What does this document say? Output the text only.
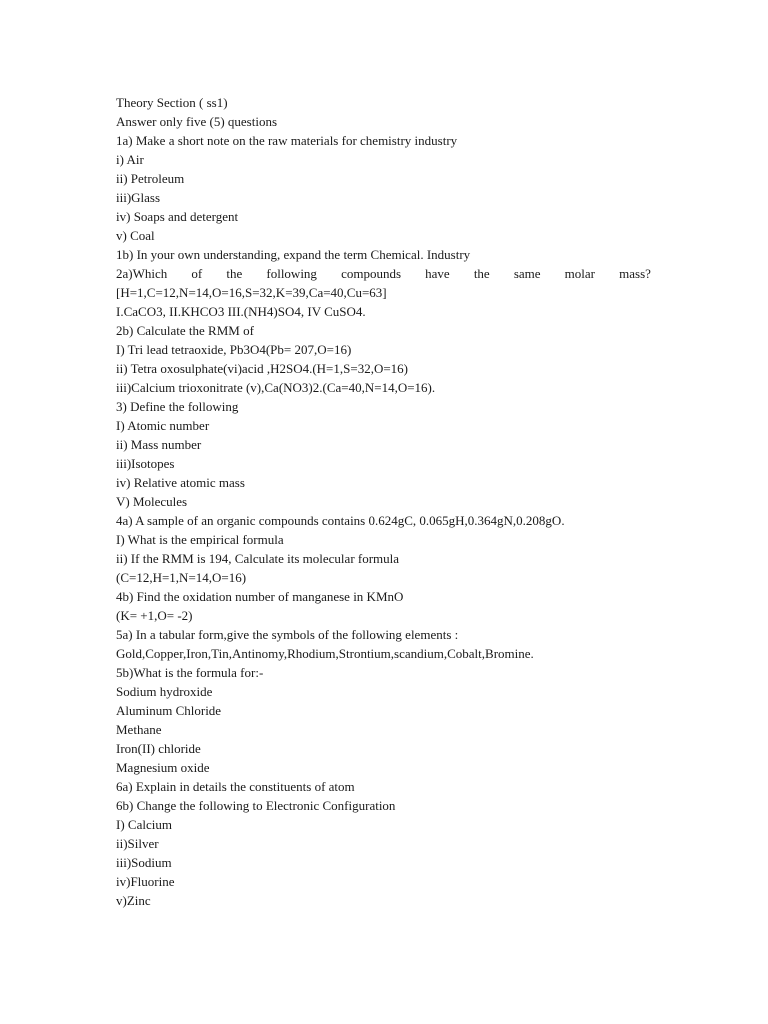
Theory Section ( ss1)
Answer only five (5) questions
1a) Make a short note on the raw materials for chemistry industry
i) Air
ii) Petroleum
iii)Glass
iv) Soaps and detergent
v) Coal
1b) In your own understanding, expand the term Chemical. Industry
2a)Which of the following compounds have the same molar mass?
[H=1,C=12,N=14,O=16,S=32,K=39,Ca=40,Cu=63]
I.CaCO3, II.KHCO3 III.(NH4)SO4, IV CuSO4.
2b) Calculate the RMM of
I) Tri lead tetraoxide, Pb3O4(Pb= 207,O=16)
ii) Tetra oxosulphate(vi)acid ,H2SO4.(H=1,S=32,O=16)
iii)Calcium trioxonitrate (v),Ca(NO3)2.(Ca=40,N=14,O=16).
3) Define the following
I) Atomic number
ii) Mass number
iii)Isotopes
iv) Relative atomic mass
V) Molecules
4a) A sample of an organic compounds contains 0.624gC, 0.065gH,0.364gN,0.208gO.
I) What is the empirical formula
ii) If the RMM is 194, Calculate its molecular formula
(C=12,H=1,N=14,O=16)
4b) Find the oxidation number of manganese in KMnO
(K= +1,O= -2)
5a) In a tabular form,give the symbols of the following elements :
Gold,Copper,Iron,Tin,Antinomy,Rhodium,Strontium,scandium,Cobalt,Bromine.
5b)What is the formula for:-
Sodium hydroxide
Aluminum Chloride
Methane
Iron(II) chloride
Magnesium oxide
6a) Explain in details the constituents of atom
6b) Change the following to Electronic Configuration
I) Calcium
ii)Silver
iii)Sodium
iv)Fluorine
v)Zinc
